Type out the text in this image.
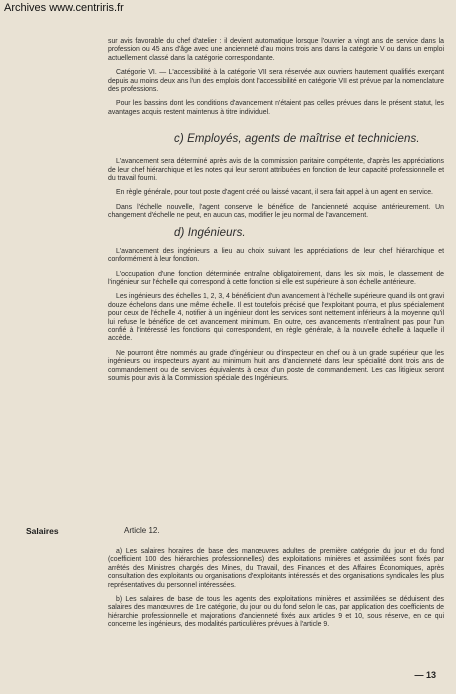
Archives www.centriris.fr

sur avis favorable du chef d'atelier : il devient automatique lorsque l'ouvrier a vingt ans de service dans la profession ou 45 ans d'âge avec une ancienneté d'au moins trois ans dans la catégorie V ou dans un emploi actuellement classé dans la catégorie correspondante.

Catégorie VI. — L'accessibilité à la catégorie VII sera réservée aux ouvriers hautement qualifiés exerçant depuis au moins deux ans l'un des emplois dont l'accessibilité en catégorie VII est prévue par la nomenclature des professions.

Pour les bassins dont les conditions d'avancement n'étaient pas celles prévues dans le présent statut, les avantages acquis restent maintenus à titre individuel.

c) Employés, agents de maîtrise et techniciens.

L'avancement sera déterminé après avis de la commission paritaire compétente, d'après les appréciations de leur chef hiérarchique et les notes qui leur seront attribuées en fonction de leur capacité professionnelle et du travail fourni.

En règle générale, pour tout poste d'agent créé ou laissé vacant, il sera fait appel à un agent en service.

Dans l'échelle nouvelle, l'agent conserve le bénéfice de l'ancienneté acquise antérieurement. Un changement d'échelle ne peut, en aucun cas, modifier le jeu normal de l'avancement.

d) Ingénieurs.

L'avancement des ingénieurs a lieu au choix suivant les appréciations de leur chef hiérarchique et conformément à leur fonction.

L'occupation d'une fonction déterminée entraîne obligatoirement, dans les six mois, le classement de l'ingénieur sur l'échelle qui correspond à cette fonction si elle est supérieure à son échelle antérieure.

Les ingénieurs des échelles 1, 2, 3, 4 bénéficient d'un avancement à l'échelle supérieure quand ils ont gravi douze échelons dans une même échelle. Il est toutefois précisé que l'exploitant pourra, et plus spécialement pour ceux de l'échelle 4, notifier à un ingénieur dont les services sont nettement inférieurs à la moyenne qu'il lui refuse le bénéfice de cet avancement minimum. En outre, ces avancements n'entraînent pas pour l'un confié à l'intéressé les fonctions qui correspondent, en règle générale, à la nouvelle échelle à laquelle il accède.

Ne pourront être nommés au grade d'ingénieur ou d'inspecteur en chef ou à un grade supérieur que les ingénieurs ou inspecteurs ayant au minimum huit ans d'ancienneté dans leur spécialité dont trois ans de commandement ou de services équivalents à ceux d'un poste de commandement. Les cas litigieux seront soumis pour avis à la Commission spéciale des Ingénieurs.

Salaires	Article 12.

a) Les salaires horaires de base des manœuvres adultes de première catégorie du jour et du fond (coefficient 100 des hiérarchies professionnelles) des exploitations minières et assimilées sont fixés par arrêtés des Ministres chargés des Mines, du Travail, des Finances et des Affaires Économiques, après consultation des exploitants ou organisations d'exploitants intéressés et des organisations syndicales les plus représentatives du personnel intéressées.

b) Les salaires de base de tous les agents des exploitations minières et assimilées se déduisent des salaires des manœuvres de 1re catégorie, du jour ou du fond selon le cas, par application des coefficients de hiérarchie professionnelle et majorations d'ancienneté fixés aux articles 9 et 10, sous réserve, en ce qui concerne les ingénieurs, des modalités particulières prévues à l'article 9.

— 13
